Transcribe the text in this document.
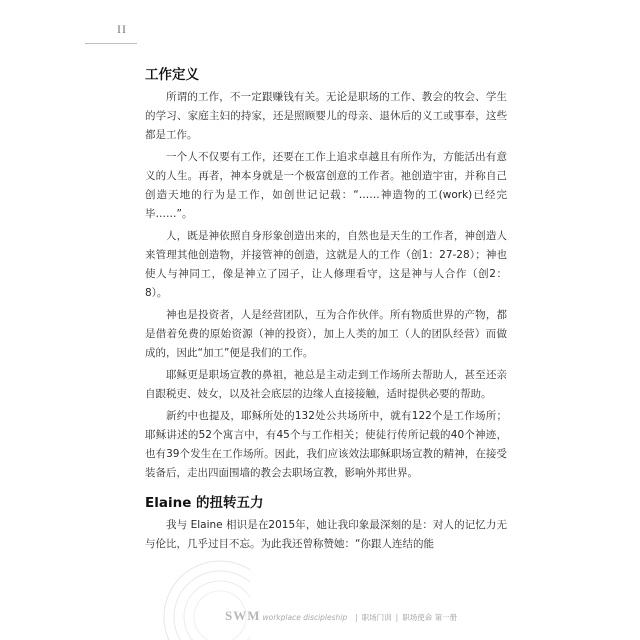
II
工作定义

所谓的工作，不一定跟赚钱有关。无论是职场的工作、教会的牧会、学生的学习、家庭主妇的持家，还是照顾婴儿的母亲、退休后的义工或事奉，这些都是工作。

一个人不仅要有工作，还要在工作上追求卓越且有所作为，方能活出有意义的人生。再者，神本身就是一个极富创意的工作者。祂创造宇宙，并称自己创造天地的行为是工作，如创世记记载：“……神造物的工(work)已经完毕……”。

人，既是神依照自身形象创造出来的，自然也是天生的工作者，神创造人来管理其他创造物，并接管神的创造，这就是人的工作（创1：27-28）；神也使人与神同工，像是神立了园子，让人修理看守，这是神与人合作（创2：8）。

神也是投资者，人是经营团队，互为合作伙伴。所有物质世界的产物，都是借着免费的原始资源（神的投资），加上人类的加工（人的团队经营）而做成的，因此“加工”便是我们的工作。

耶稣更是职场宣教的鼻祖，祂总是主动走到工作场所去帮助人，甚至还亲自跟税吏、妓女，以及社会底层的边缘人直接接触，适时提供必要的帮助。

新约中也提及，耶稣所处的132处公共场所中，就有122个是工作场所；耶稣讲述的52个寓言中，有45个与工作相关；使徒行传所记载的40个神迹，也有39个发生在工作场所。因此，我们应该效法耶稣职场宣教的精神，在接受装备后，走出四面围墙的教会去职场宣教，影响外邦世界。

Elaine 的扭转五力

我与 Elaine 相识是在2015年，她让我印象最深刻的是：对人的记忆力无与伦比，几乎过目不忘。为此我还曾称赞她：“你跟人连结的能

SWM workplace discipleship | 职场门训 | 职场使命 第一册
